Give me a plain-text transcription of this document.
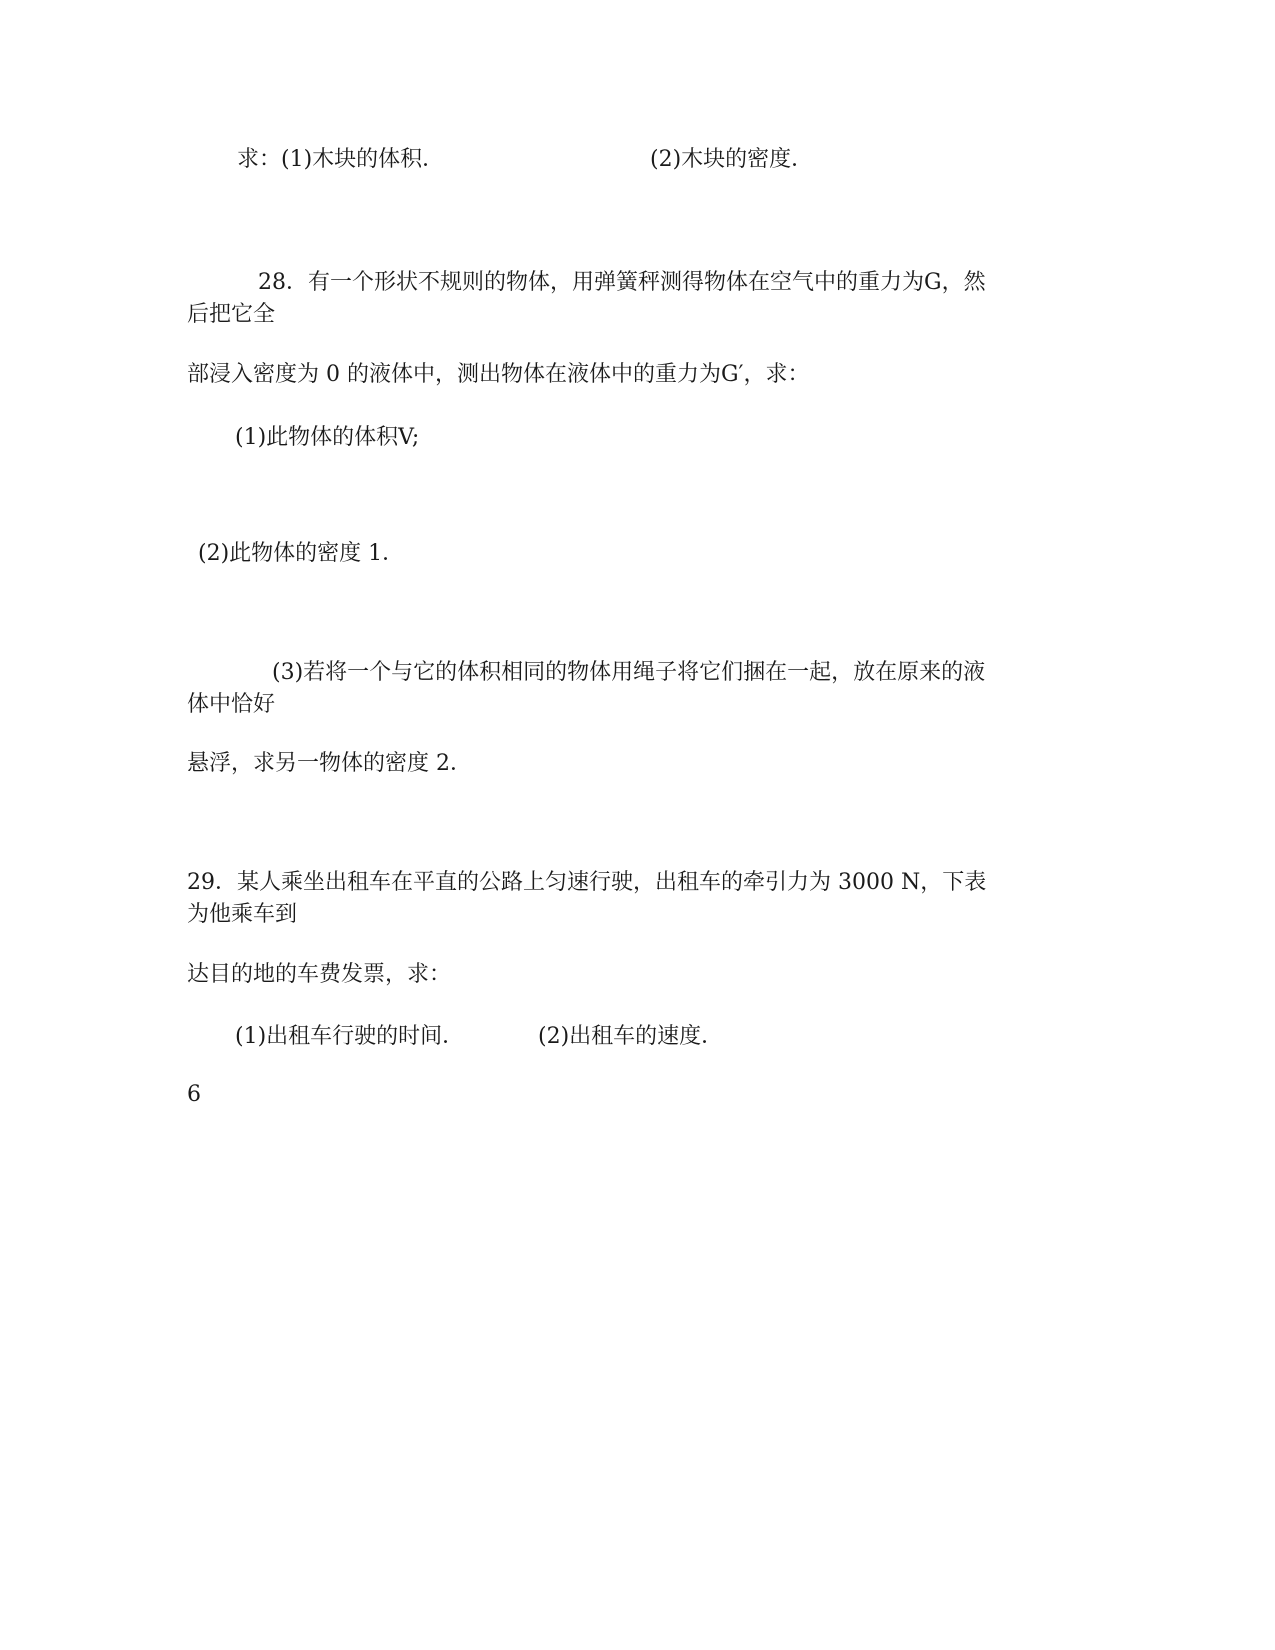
求：(1)木块的体积．	(2)木块的密度．
28．有一个形状不规则的物体，用弹簧秤测得物体在空气中的重力为G，然
后把它全
部浸入密度为 0 的液体中，测出物体在液体中的重力为G′，求：
(1)此物体的体积V;
(2)此物体的密度 1．
(3)若将一个与它的体积相同的物体用绳子将它们捆在一起，放在原来的液
体中恰好
悬浮，求另一物体的密度 2．
29．某人乘坐出租车在平直的公路上匀速行驶，出租车的牵引力为 3000 N，下表
为他乘车到
达目的地的车费发票，求：
(1)出租车行驶的时间．	(2)出租车的速度．
6
